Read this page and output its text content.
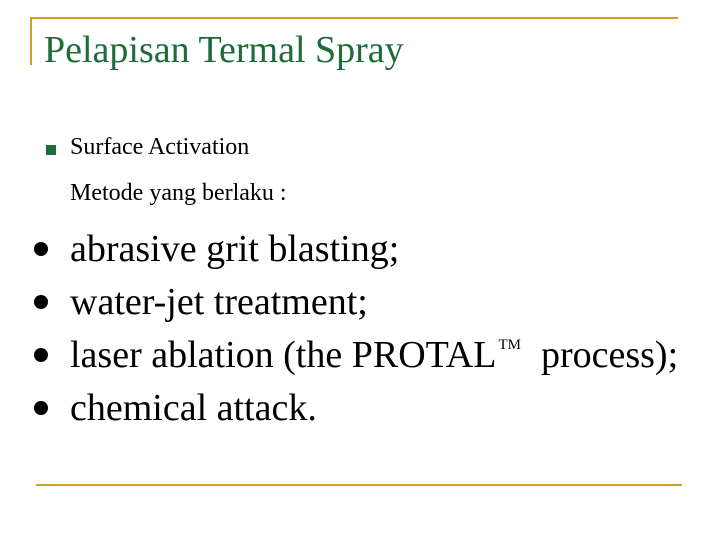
Pelapisan Termal Spray
Surface Activation
Metode yang berlaku :
abrasive grit blasting;
water-jet treatment;
laser ablation (the PROTAL ™ process);
chemical attack.
